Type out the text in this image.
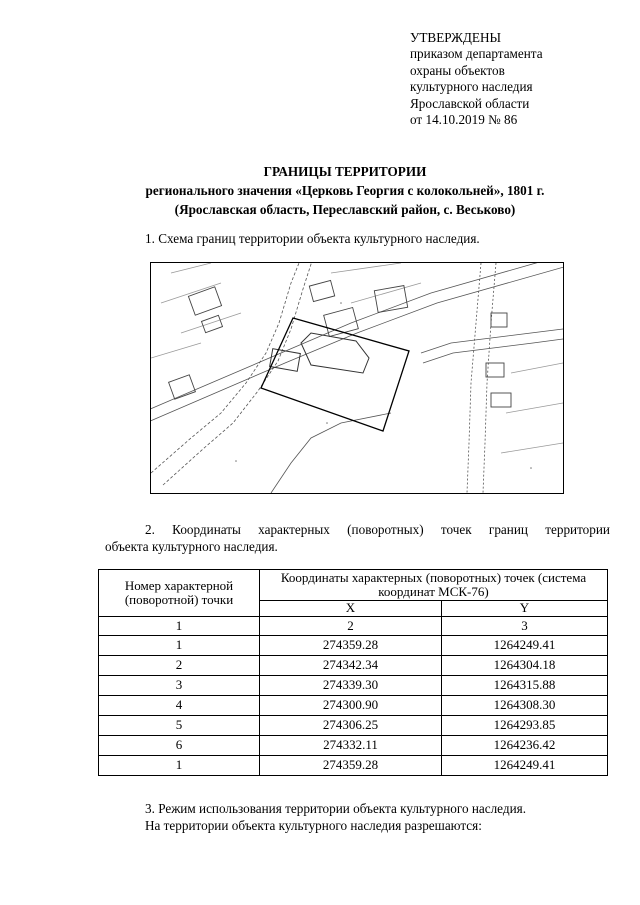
УТВЕРЖДЕНЫ
приказом департамента
охраны объектов
культурного наследия
Ярославской области
от 14.10.2019 № 86
ГРАНИЦЫ ТЕРРИТОРИИ
регионального значения «Церковь Георгия с колокольней», 1801 г.
(Ярославская область, Переславский район, с. Веськово)
1. Схема границ территории объекта культурного наследия.
2. Координаты характерных (поворотных) точек границ территории
объекта культурного наследия.
Номер характерной (поворотной) точки	Координаты характерных (поворотных) точек (система координат МСК-76)	
	X	Y
1	2	3
1	274359.28	1264249.41
2	274342.34	1264304.18
3	274339.30	1264315.88
4	274300.90	1264308.30
5	274306.25	1264293.85
6	274332.11	1264236.42
1	274359.28	1264249.41
3. Режим использования территории объекта культурного наследия.
На территории объекта культурного наследия разрешаются:
